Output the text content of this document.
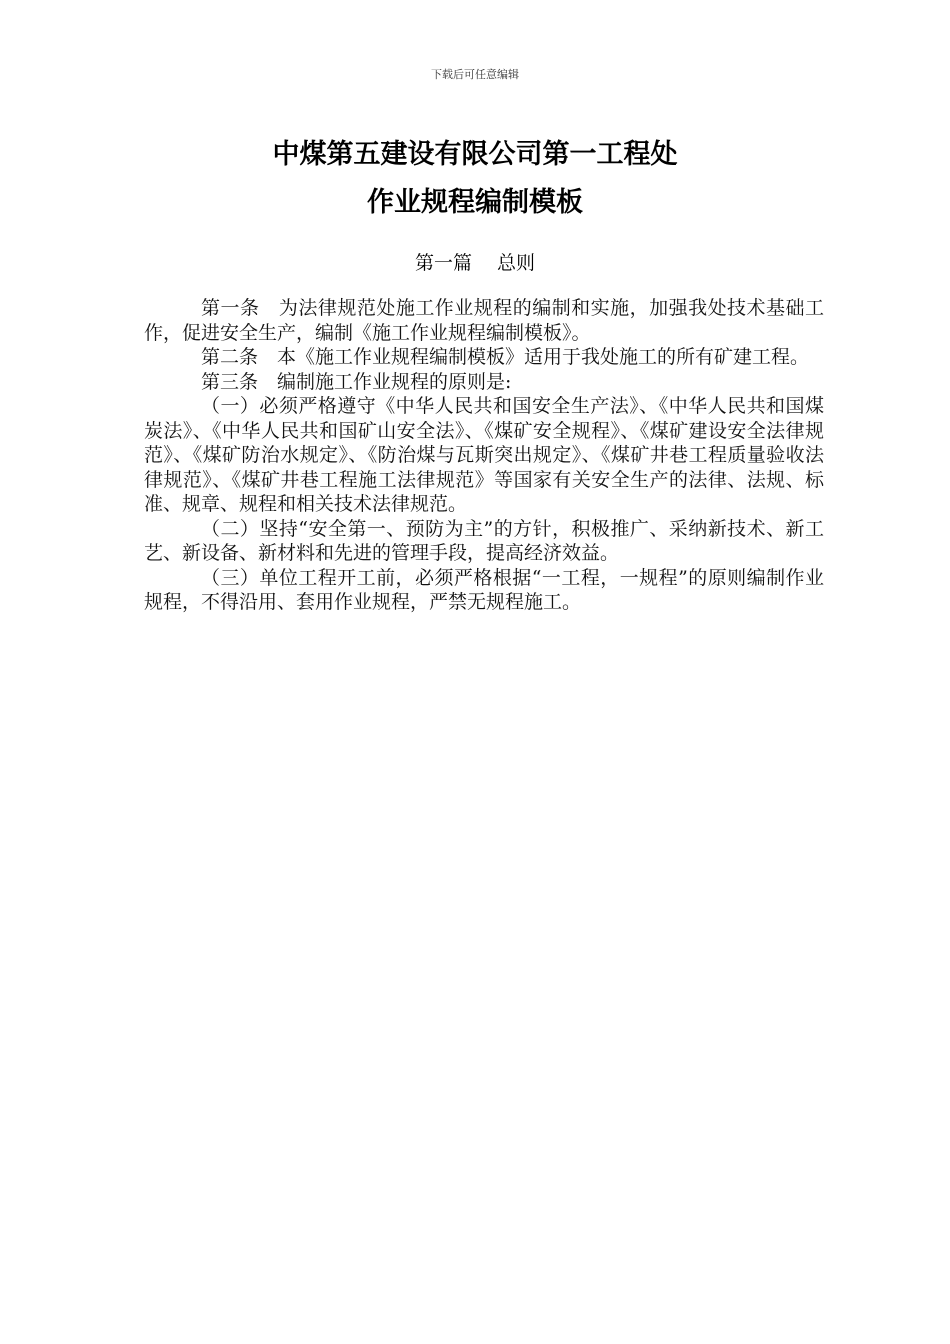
下载后可任意编辑
中煤第五建设有限公司第一工程处
作业规程编制模板
第一篇　 总则

第一条　为法律规范处施工作业规程的编制和实施，加强我处技术基础工作，促进安全生产，编制《施工作业规程编制模板》。

第二条　本《施工作业规程编制模板》适用于我处施工的所有矿建工程。

第三条　编制施工作业规程的原则是:

（一）必须严格遵守《中华人民共和国安全生产法》、《中华人民共和国煤炭法》、《中华人民共和国矿山安全法》、《煤矿安全规程》、《煤矿建设安全法律规范》、《煤矿防治水规定》、《防治煤与瓦斯突出规定》、《煤矿井巷工程质量验收法律规范》、《煤矿井巷工程施工法律规范》等国家有关安全生产的法律、法规、标准、规章、规程和相关技术法律规范。

（二）坚持“安全第一、预防为主”的方针，积极推广、采纳新技术、新工艺、新设备、新材料和先进的管理手段，提高经济效益。

（三）单位工程开工前，必须严格根据“一工程，一规程”的原则编制作业规程，不得沿用、套用作业规程，严禁无规程施工。
